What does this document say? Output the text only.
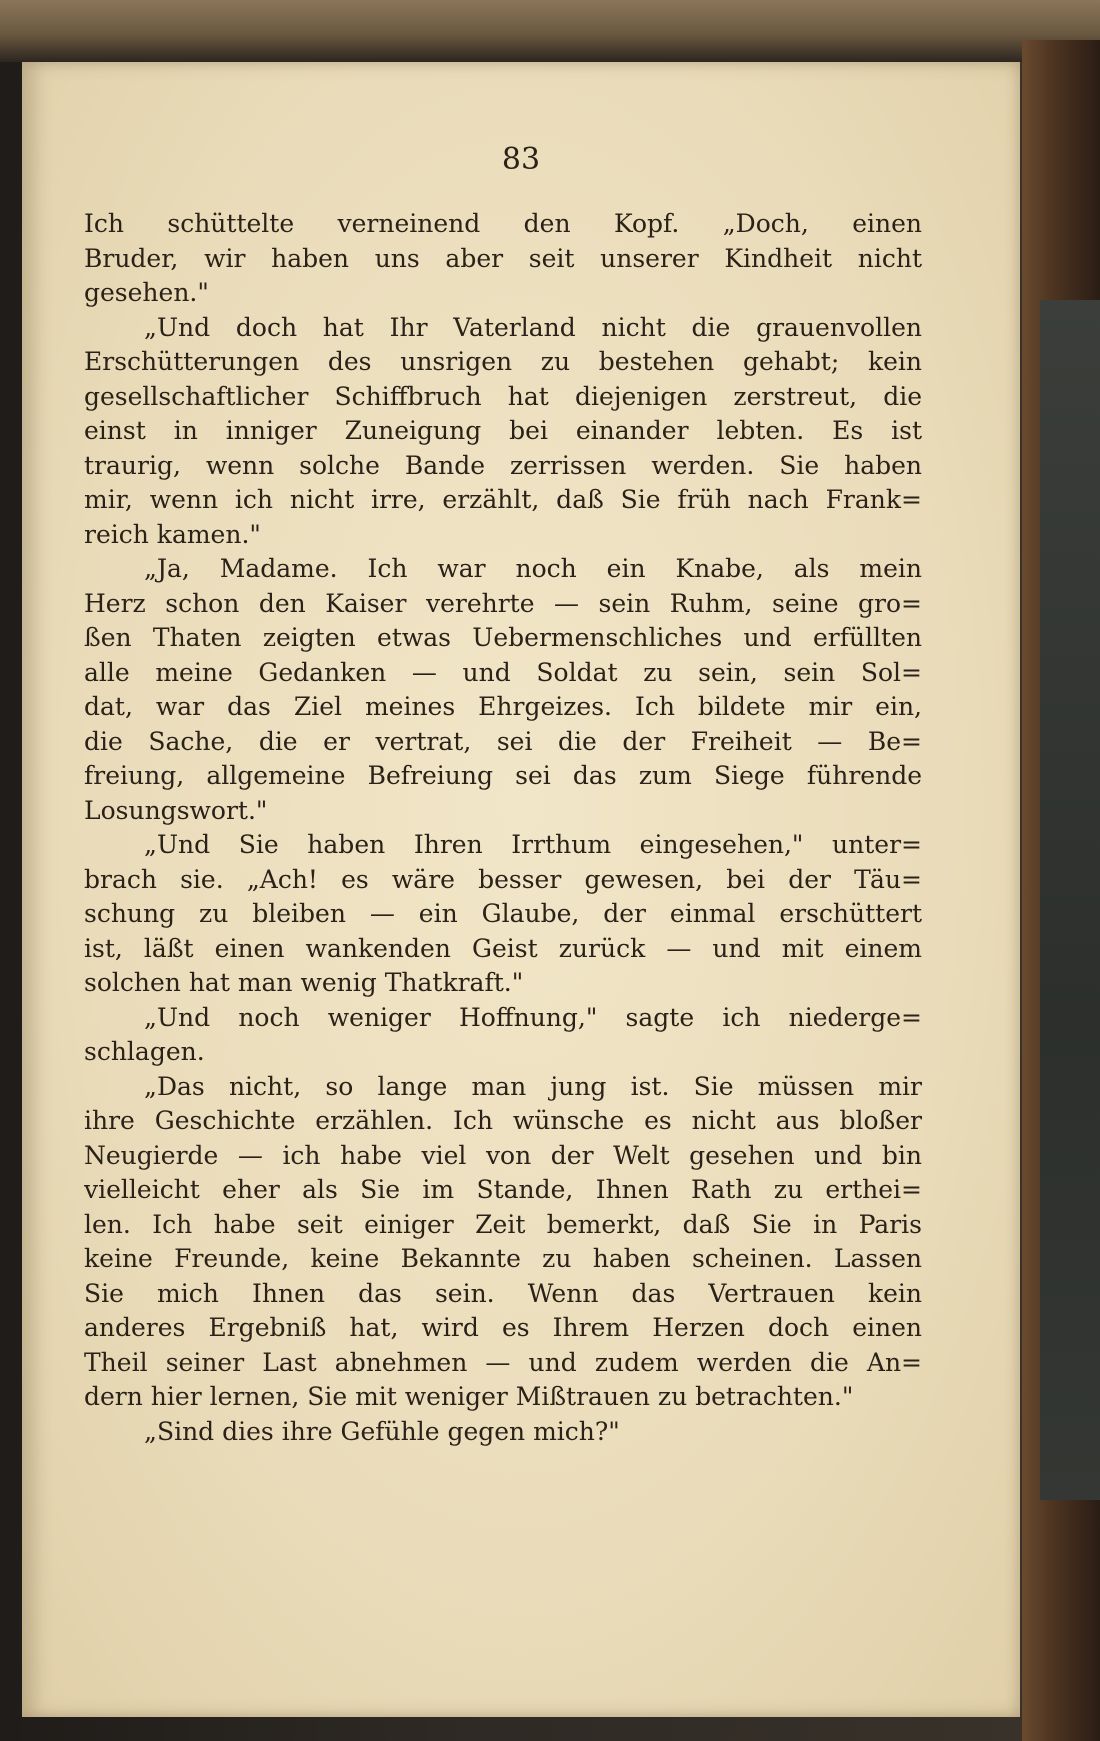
83
Ich schüttelte verneinend den Kopf. „Doch, einen
Bruder, wir haben uns aber seit unserer Kindheit nicht
gesehen."
„Und doch hat Ihr Vaterland nicht die grauenvollen
Erschütterungen des unsrigen zu bestehen gehabt; kein
gesellschaftlicher Schiffbruch hat diejenigen zerstreut, die
einst in inniger Zuneigung bei einander lebten. Es ist
traurig, wenn solche Bande zerrissen werden. Sie haben
mir, wenn ich nicht irre, erzählt, daß Sie früh nach Frank=
reich kamen."
„Ja, Madame. Ich war noch ein Knabe, als mein
Herz schon den Kaiser verehrte — sein Ruhm, seine gro=
ßen Thaten zeigten etwas Uebermenschliches und erfüllten
alle meine Gedanken — und Soldat zu sein, sein Sol=
dat, war das Ziel meines Ehrgeizes. Ich bildete mir ein,
die Sache, die er vertrat, sei die der Freiheit — Be=
freiung, allgemeine Befreiung sei das zum Siege führende
Losungswort."
„Und Sie haben Ihren Irrthum eingesehen," unter=
brach sie. „Ach! es wäre besser gewesen, bei der Täu=
schung zu bleiben — ein Glaube, der einmal erschüttert
ist, läßt einen wankenden Geist zurück — und mit einem
solchen hat man wenig Thatkraft."
„Und noch weniger Hoffnung," sagte ich niederge=
schlagen.
„Das nicht, so lange man jung ist. Sie müssen mir
ihre Geschichte erzählen. Ich wünsche es nicht aus bloßer
Neugierde — ich habe viel von der Welt gesehen und bin
vielleicht eher als Sie im Stande, Ihnen Rath zu erthei=
len. Ich habe seit einiger Zeit bemerkt, daß Sie in Paris
keine Freunde, keine Bekannte zu haben scheinen. Lassen
Sie mich Ihnen das sein. Wenn das Vertrauen kein
anderes Ergebniß hat, wird es Ihrem Herzen doch einen
Theil seiner Last abnehmen — und zudem werden die An=
dern hier lernen, Sie mit weniger Mißtrauen zu betrachten."
„Sind dies ihre Gefühle gegen mich?"
